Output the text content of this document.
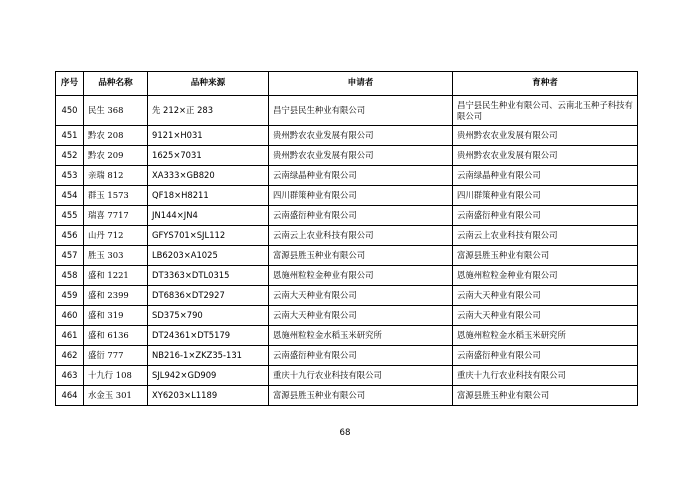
序号	品种名称	品种来源	申请者	育种者
450	民生 368	先 212×正 283	昌宁县民生种业有限公司	昌宁县民生种业有限公司、云南北玉种子科技有限公司
451	黔农 208	9121×H031	贵州黔农农业发展有限公司	贵州黔农农业发展有限公司
452	黔农 209	1625×7031	贵州黔农农业发展有限公司	贵州黔农农业发展有限公司
453	亲瑞 812	XA333×GB820	云南绿晶种业有限公司	云南绿晶种业有限公司
454	群玉 1573	QF18×H8211	四川群策种业有限公司	四川群策种业有限公司
455	瑞喜 7717	JN144×JN4	云南盛衍种业有限公司	云南盛衍种业有限公司
456	山丹 712	GFYS701×SJL112	云南云上农业科技有限公司	云南云上农业科技有限公司
457	胜玉 303	LB6203×A1025	富源县胜玉种业有限公司	富源县胜玉种业有限公司
458	盛和 1221	DT3363×DTL0315	恩施州粒粒金种业有限公司	恩施州粒粒金种业有限公司
459	盛和 2399	DT6836×DT2927	云南大天种业有限公司	云南大天种业有限公司
460	盛和 319	SD375×790	云南大天种业有限公司	云南大天种业有限公司
461	盛和 6136	DT24361×DT5179	恩施州粒粒金水稻玉米研究所	恩施州粒粒金水稻玉米研究所
462	盛衍 777	NB216-1×ZKZ35-131	云南盛衍种业有限公司	云南盛衍种业有限公司
463	十九行 108	SJL942×GD909	重庆十九行农业科技有限公司	重庆十九行农业科技有限公司
464	水金玉 301	XY6203×L1189	富源县胜玉种业有限公司	富源县胜玉种业有限公司
68
